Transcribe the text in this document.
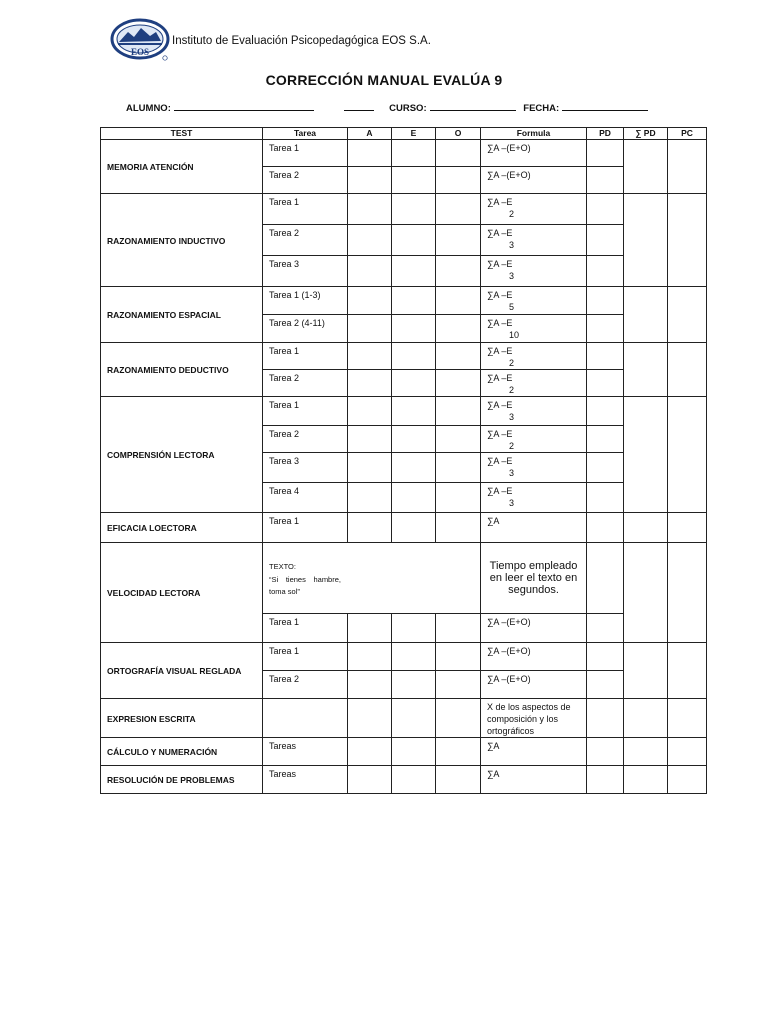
EOS
Instituto de Evaluación Psicopedagógica EOS S.A.
CORRECCIÓN MANUAL EVALÚA 9
ALUMNO:	CURSO:	FECHA:
TEST	Tarea	A	E	O	Formula	PD	∑ PD	PC
MEMORIA ATENCIÓN	Tarea 1				∑A –(E+O)			
	Tarea 2				∑A –(E+O)			
RAZONAMIENTO INDUCTIVO	Tarea 1				∑A –E
2			

	Tarea 2				∑A –E
3			

	Tarea 3				∑A –E
3			

RAZONAMIENTO ESPACIAL	Tarea 1 (1-3)				∑A –E
5			

	Tarea 2 (4-11)				∑A –E
10			

RAZONAMIENTO DEDUCTIVO	Tarea 1				∑A –E
2			

	Tarea 2				∑A –E
2			

COMPRENSIÓN LECTORA	Tarea 1				∑A –E
3			

	Tarea 2				∑A –E
2			

	Tarea 3				∑A –E
3			

	Tarea 4				∑A –E
3			

EFICACIA LOECTORA	Tarea 1				∑A			
VELOCIDAD LECTORA	TEXTO:
“Si tienes hambre, toma sol”				Tiempo empleado en leer el texto en segundos.			
	Tarea 1				∑A –(E+O)			
ORTOGRAFÍA VISUAL REGLADA	Tarea 1				∑A –(E+O)			
	Tarea 2				∑A –(E+O)			
EXPRESION ESCRITA					X de los aspectos de composición y los ortográficos			
CÁLCULO Y NUMERACIÓN	Tareas				∑A			
RESOLUCIÓN DE PROBLEMAS	Tareas				∑A			
